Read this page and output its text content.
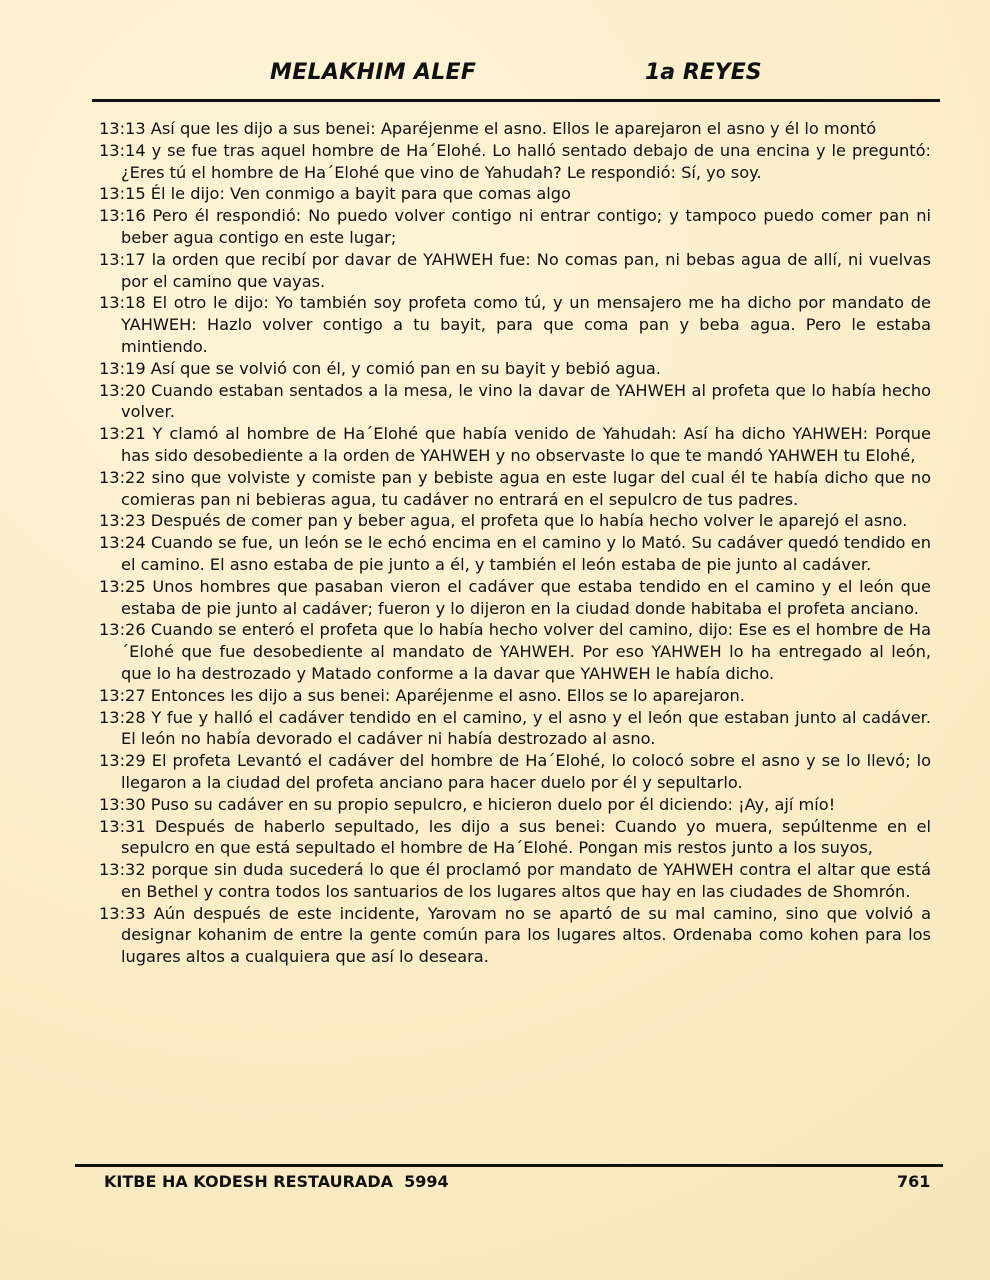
MELAKHIM ALEF	1a REYES

13:13 Así que les dijo a sus benei: Aparéjenme el asno. Ellos le aparejaron el asno y él lo montó

13:14 y se fue tras aquel hombre de Ha´Elohé. Lo halló sentado debajo de una encina y le preguntó: ¿Eres tú el hombre de Ha´Elohé que vino de Yahudah? Le respondió: Sí, yo soy.

13:15 Él le dijo: Ven conmigo a bayit para que comas algo

13:16 Pero él respondió: No puedo volver contigo ni entrar contigo; y tampoco puedo comer pan ni beber agua contigo en este lugar;

13:17 la orden que recibí por davar de YAHWEH fue: No comas pan, ni bebas agua de allí, ni vuelvas por el camino que vayas.

13:18 El otro le dijo: Yo también soy profeta como tú, y un mensajero me ha dicho por mandato de YAHWEH: Hazlo volver contigo a tu bayit, para que coma pan y beba agua. Pero le estaba mintiendo.

13:19 Así que se volvió con él, y comió pan en su bayit y bebió agua.

13:20 Cuando estaban sentados a la mesa, le vino la davar de YAHWEH al profeta que lo había hecho volver.

13:21 Y clamó al hombre de Ha´Elohé que había venido de Yahudah: Así ha dicho YAHWEH: Porque has sido desobediente a la orden de YAHWEH y no observaste lo que te mandó YAHWEH tu Elohé,

13:22 sino que volviste y comiste pan y bebiste agua en este lugar del cual él te había dicho que no comieras pan ni bebieras agua, tu cadáver no entrará en el sepulcro de tus padres.

13:23 Después de comer pan y beber agua, el profeta que lo había hecho volver le aparejó el asno.

13:24 Cuando se fue, un león se le echó encima en el camino y lo Mató. Su cadáver quedó tendido en el camino. El asno estaba de pie junto a él, y también el león estaba de pie junto al cadáver.

13:25 Unos hombres que pasaban vieron el cadáver que estaba tendido en el camino y el león que estaba de pie junto al cadáver; fueron y lo dijeron en la ciudad donde habitaba el profeta anciano.

13:26 Cuando se enteró el profeta que lo había hecho volver del camino, dijo: Ese es el hombre de Ha´Elohé que fue desobediente al mandato de YAHWEH. Por eso YAHWEH lo ha entregado al león, que lo ha destrozado y Matado conforme a la davar que YAHWEH le había dicho.

13:27 Entonces les dijo a sus benei: Aparéjenme el asno. Ellos se lo aparejaron.

13:28 Y fue y halló el cadáver tendido en el camino, y el asno y el león que estaban junto al cadáver. El león no había devorado el cadáver ni había destrozado al asno.

13:29 El profeta Levantó el cadáver del hombre de Ha´Elohé, lo colocó sobre el asno y se lo llevó; lo llegaron a la ciudad del profeta anciano para hacer duelo por él y sepultarlo.

13:30 Puso su cadáver en su propio sepulcro, e hicieron duelo por él diciendo: ¡Ay, ají mío!

13:31 Después de haberlo sepultado, les dijo a sus benei: Cuando yo muera, sepúltenme en el sepulcro en que está sepultado el hombre de Ha´Elohé. Pongan mis restos junto a los suyos,

13:32 porque sin duda sucederá lo que él proclamó por mandato de YAHWEH contra el altar que está en Bethel y contra todos los santuarios de los lugares altos que hay en las ciudades de Shomrón.

13:33 Aún después de este incidente, Yarovam no se apartó de su mal camino, sino que volvió a designar kohanim de entre la gente común para los lugares altos. Ordenaba como kohen para los lugares altos a cualquiera que así lo deseara.

KITBE HA KODESH RESTAURADA  5994	761
